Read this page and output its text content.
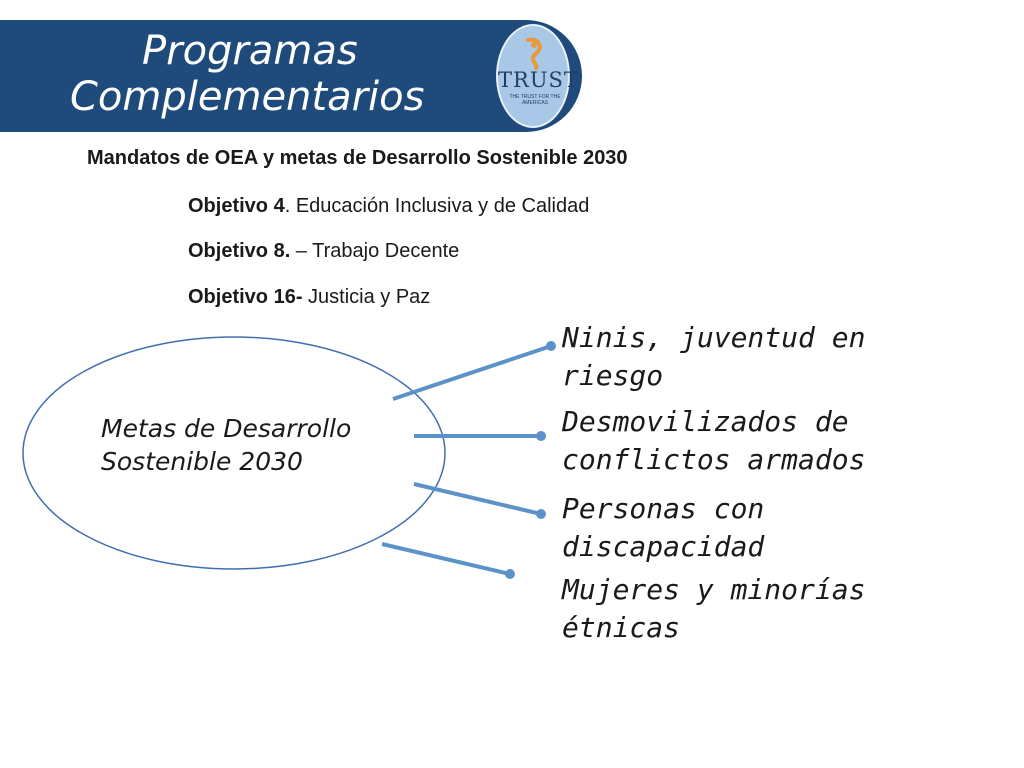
Programas
Complementarios	TRUST
THE TRUST FOR THE AMERICAS
Mandatos de OEA y metas de Desarrollo Sostenible 2030
Objetivo 4. Educación Inclusiva y de Calidad
Objetivo 8. – Trabajo Decente
Objetivo 16- Justicia y Paz
Metas de Desarrollo Sostenible 2030
Ninis, juventud en riesgo
Desmovilizados de conflictos armados
Personas con discapacidad
Mujeres y minorías étnicas
